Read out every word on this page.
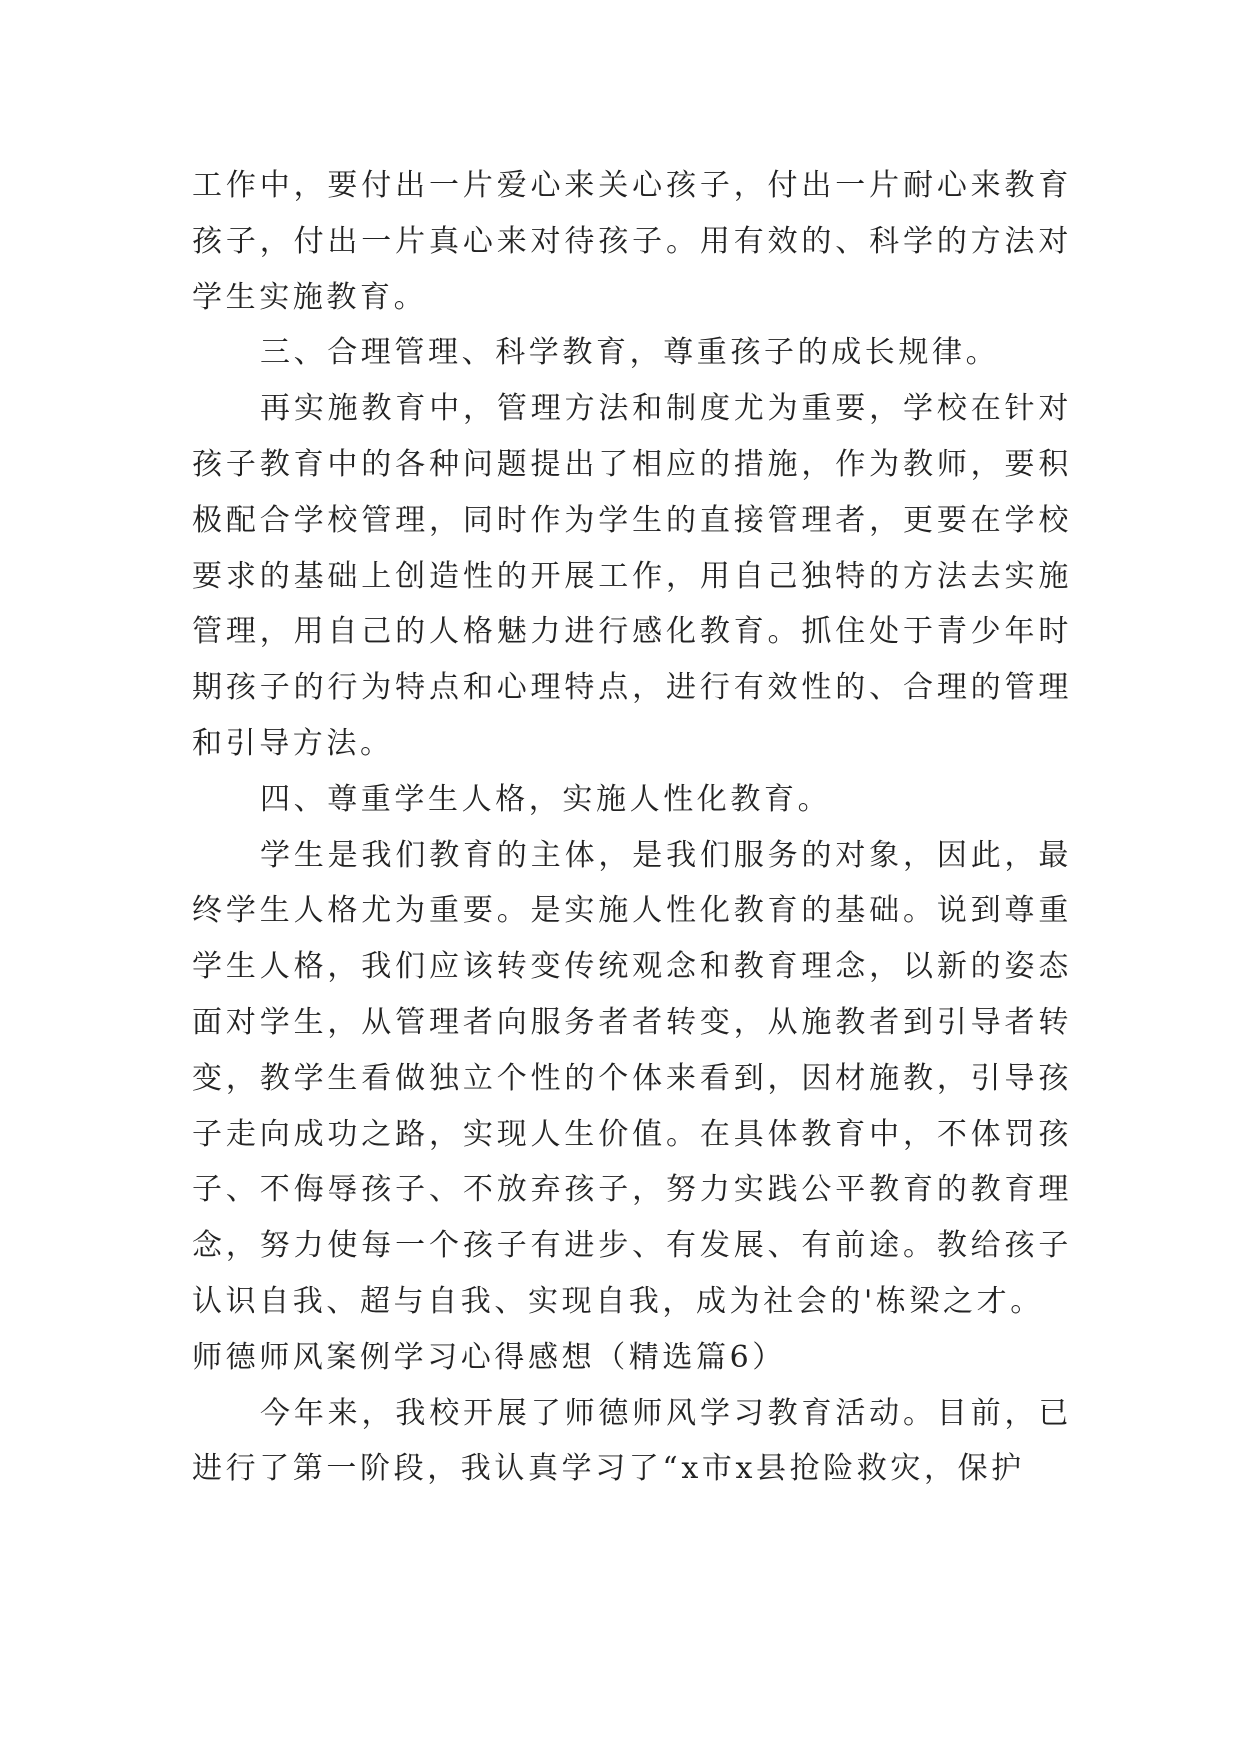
工作中，要付出一片爱心来关心孩子，付出一片耐心来教育孩子，付出一片真心来对待孩子。用有效的、科学的方法对学生实施教育。

三、合理管理、科学教育，尊重孩子的成长规律。

再实施教育中，管理方法和制度尤为重要，学校在针对孩子教育中的各种问题提出了相应的措施，作为教师，要积极配合学校管理，同时作为学生的直接管理者，更要在学校要求的基础上创造性的开展工作，用自己独特的方法去实施管理，用自己的人格魅力进行感化教育。抓住处于青少年时期孩子的行为特点和心理特点，进行有效性的、合理的管理和引导方法。

四、尊重学生人格，实施人性化教育。

学生是我们教育的主体，是我们服务的对象，因此，最终学生人格尤为重要。是实施人性化教育的基础。说到尊重学生人格，我们应该转变传统观念和教育理念，以新的姿态面对学生，从管理者向服务者者转变，从施教者到引导者转变，教学生看做独立个性的个体来看到，因材施教，引导孩子走向成功之路，实现人生价值。在具体教育中，不体罚孩子、不侮辱孩子、不放弃孩子，努力实践公平教育的教育理念，努力使每一个孩子有进步、有发展、有前途。教给孩子认识自我、超与自我、实现自我，成为社会的'栋梁之才。

师德师风案例学习心得感想（精选篇6）

今年来，我校开展了师德师风学习教育活动。目前，已进行了第一阶段，我认真学习了“x市x县抢险救灾，保护
